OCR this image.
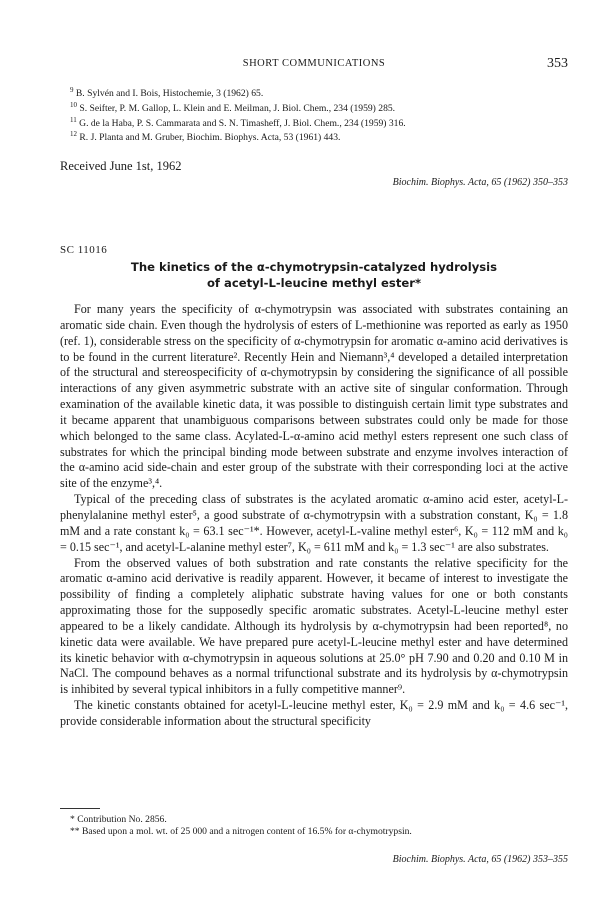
SHORT COMMUNICATIONS	353
$^9$ B. Sylvén and I. Bois, Histochemie, 3 (1962) 65.
$^{10}$ S. Seifter, P. M. Gallop, L. Klein and E. Meilman, J. Biol. Chem., 234 (1959) 285.
$^{11}$ G. de la Haba, P. S. Cammarata and S. N. Timasheff, J. Biol. Chem., 234 (1959) 316.
$^{12}$ R. J. Planta and M. Gruber, Biochim. Biophys. Acta, 53 (1961) 443.
Received June 1st, 1962
Biochim. Biophys. Acta, 65 (1962) 350–353
SC 11016
The kinetics of the α-chymotrypsin-catalyzed hydrolysis
of acetyl-L-leucine methyl ester*

For many years the specificity of α-chymotrypsin was associated with substrates containing an aromatic side chain. Even though the hydrolysis of esters of L-methionine was reported as early as 1950 (ref. 1), considerable stress on the specificity of α-chymotrypsin for aromatic α-amino acid derivatives is to be found in the current literature². Recently Hein and Niemann³,⁴ developed a detailed interpretation of the structural and stereospecificity of α-chymotrypsin by considering the significance of all possible interactions of any given asymmetric substrate with an active site of singular conformation. Through examination of the available kinetic data, it was possible to distinguish certain limit type substrates and it became apparent that unambiguous comparisons between substrates could only be made for those which belonged to the same class. Acylated-L-α-amino acid methyl esters represent one such class of substrates for which the principal binding mode between substrate and enzyme involves interaction of the α-amino acid side-chain and ester group of the substrate with their corresponding loci at the active site of the enzyme³,⁴.

Typical of the preceding class of substrates is the acylated aromatic α-amino acid ester, acetyl-L-phenylalanine methyl ester⁵, a good substrate of α-chymotrypsin with a substration constant, K₀ = 1.8 mM and a rate constant k₀ = 63.1 sec⁻¹*. However, acetyl-L-valine methyl ester⁶, K₀ = 112 mM and k₀ = 0.15 sec⁻¹, and acetyl-L-alanine methyl ester⁷, K₀ = 611 mM and k₀ = 1.3 sec⁻¹ are also substrates.

From the observed values of both substration and rate constants the relative specificity for the aromatic α-amino acid derivative is readily apparent. However, it became of interest to investigate the possibility of finding a completely aliphatic substrate having values for one or both constants approximating those for the supposedly specific aromatic substrates. Acetyl-L-leucine methyl ester appeared to be a likely candidate. Although its hydrolysis by α-chymotrypsin had been reported⁸, no kinetic data were available. We have prepared pure acetyl-L-leucine methyl ester and have determined its kinetic behavior with α-chymotrypsin in aqueous solutions at 25.0° pH 7.90 and 0.20 and 0.10 M in NaCl. The compound behaves as a normal trifunctional substrate and its hydrolysis by α-chymotrypsin is inhibited by several typical inhibitors in a fully competitive manner⁹.

The kinetic constants obtained for acetyl-L-leucine methyl ester, K₀ = 2.9 mM and k₀ = 4.6 sec⁻¹, provide considerable information about the structural specificity

* Contribution No. 2856.
** Based upon a mol. wt. of 25 000 and a nitrogen content of 16.5% for α-chymotrypsin.
Biochim. Biophys. Acta, 65 (1962) 353–355
